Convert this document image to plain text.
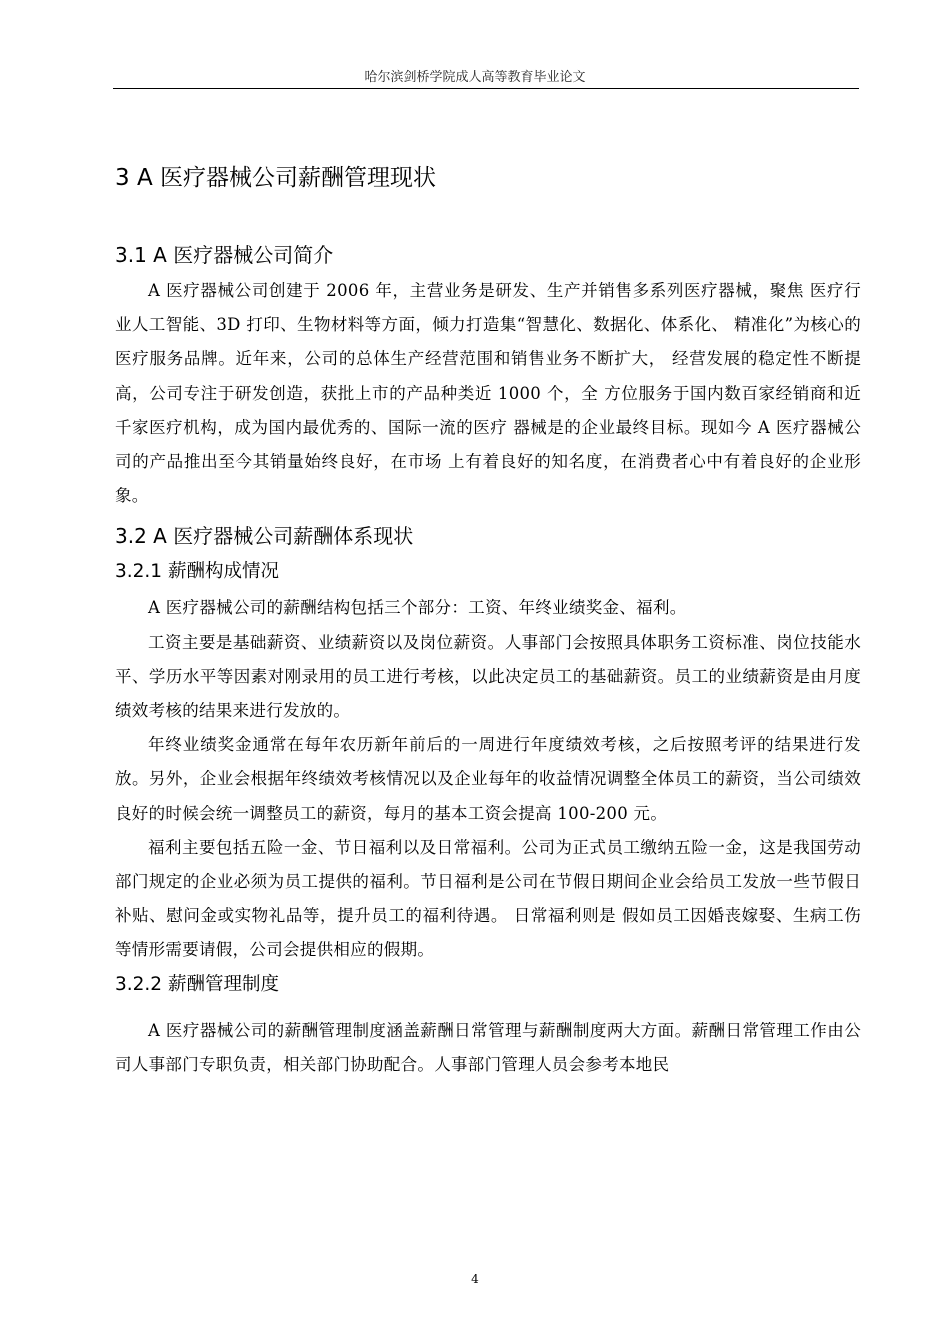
哈尔滨剑桥学院成人高等教育毕业论文
3 A 医疗器械公司薪酬管理现状
3.1 A 医疗器械公司简介

A 医疗器械公司创建于 2006 年，主营业务是研发、生产并销售多系列医疗器械，聚焦 医疗行业人工智能、3D 打印、生物材料等方面，倾力打造集“智慧化、数据化、体系化、 精准化”为核心的医疗服务品牌。近年来，公司的总体生产经营范围和销售业务不断扩大， 经营发展的稳定性不断提高，公司专注于研发创造，获批上市的产品种类近 1000 个，全 方位服务于国内数百家经销商和近千家医疗机构，成为国内最优秀的、国际一流的医疗 器械是的企业最终目标。现如今 A 医疗器械公司的产品推出至今其销量始终良好，在市场 上有着良好的知名度，在消费者心中有着良好的企业形象。

3.2 A 医疗器械公司薪酬体系现状
3.2.1 薪酬构成情况

A 医疗器械公司的薪酬结构包括三个部分：工资、年终业绩奖金、福利。

工资主要是基础薪资、业绩薪资以及岗位薪资。人事部门会按照具体职务工资标准、岗位技能水平、学历水平等因素对刚录用的员工进行考核，以此决定员工的基础薪资。员工的业绩薪资是由月度绩效考核的结果来进行发放的。

年终业绩奖金通常在每年农历新年前后的一周进行年度绩效考核，之后按照考评的结果进行发放。另外，企业会根据年终绩效考核情况以及企业每年的收益情况调整全体员工的薪资，当公司绩效良好的时候会统一调整员工的薪资，每月的基本工资会提高 100-200 元。

福利主要包括五险一金、节日福利以及日常福利。公司为正式员工缴纳五险一金，这是我国劳动部门规定的企业必须为员工提供的福利。节日福利是公司在节假日期间企业会给员工发放一些节假日补贴、慰问金或实物礼品等，提升员工的福利待遇。 日常福利则是 假如员工因婚丧嫁娶、生病工伤等情形需要请假，公司会提供相应的假期。

3.2.2 薪酬管理制度

A 医疗器械公司的薪酬管理制度涵盖薪酬日常管理与薪酬制度两大方面。薪酬日常管理工作由公司人事部门专职负责，相关部门协助配合。人事部门管理人员会参考本地民

4
